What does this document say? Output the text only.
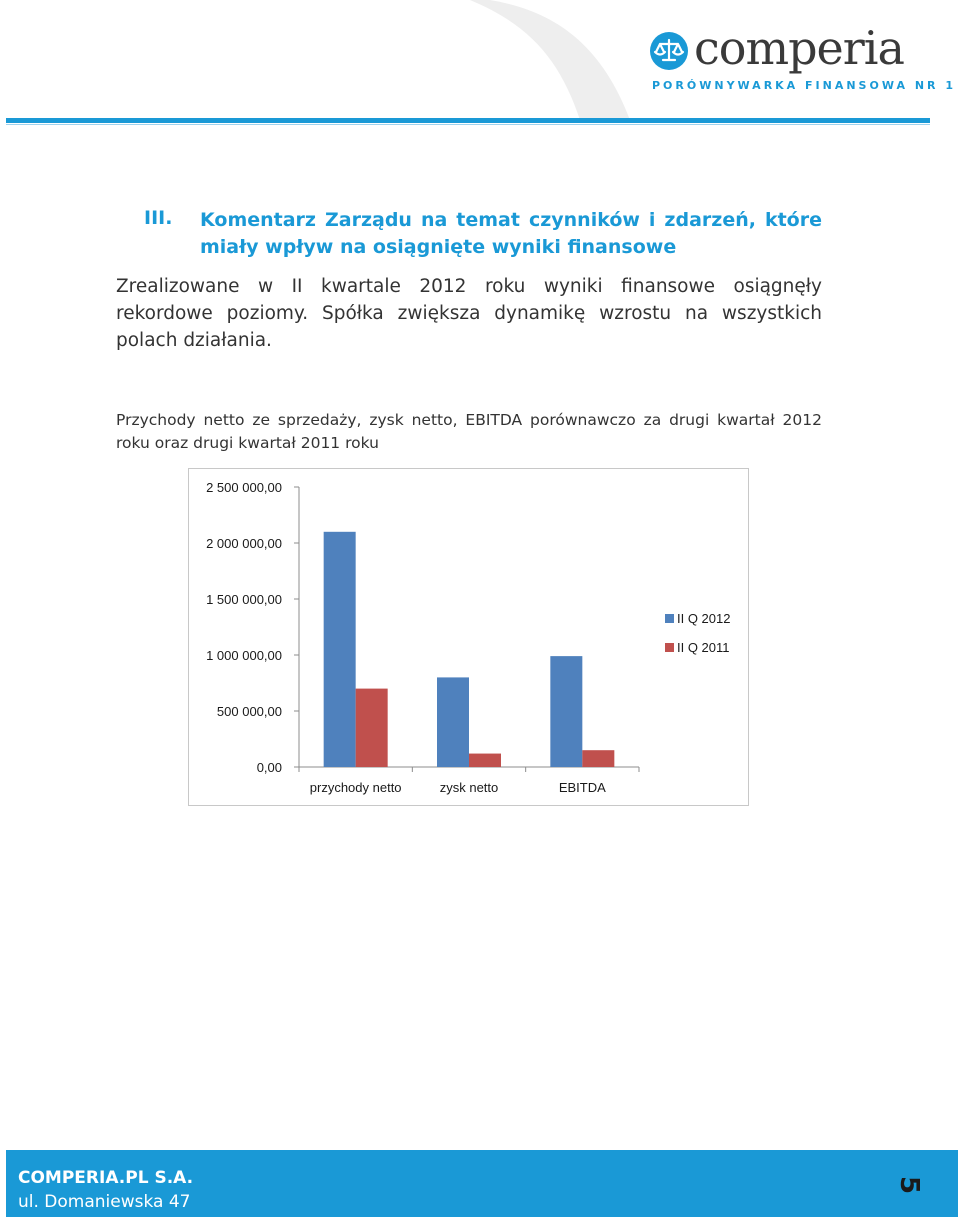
comperia
PORÓWNYWARKA FINANSOWA NR 1
III. Komentarz Zarządu na temat czynników i zdarzeń, które miały wpływ na osiągnięte wyniki finansowe
Zrealizowane w II kwartale 2012 roku wyniki finansowe osiągnęły rekordowe poziomy. Spółka zwiększa dynamikę wzrostu na wszystkich polach działania.
Przychody netto ze sprzedaży, zysk netto, EBITDA porównawczo za drugi kwartał 2012 roku oraz drugi kwartał 2011 roku
0,00
500 000,00
1 000 000,00
1 500 000,00
2 000 000,00
2 500 000,00
przychody netto	zysk netto	EBITDA
II Q 2012
II Q 2011
COMPERIA.PL S.A.
ul. Domaniewska 47
5
